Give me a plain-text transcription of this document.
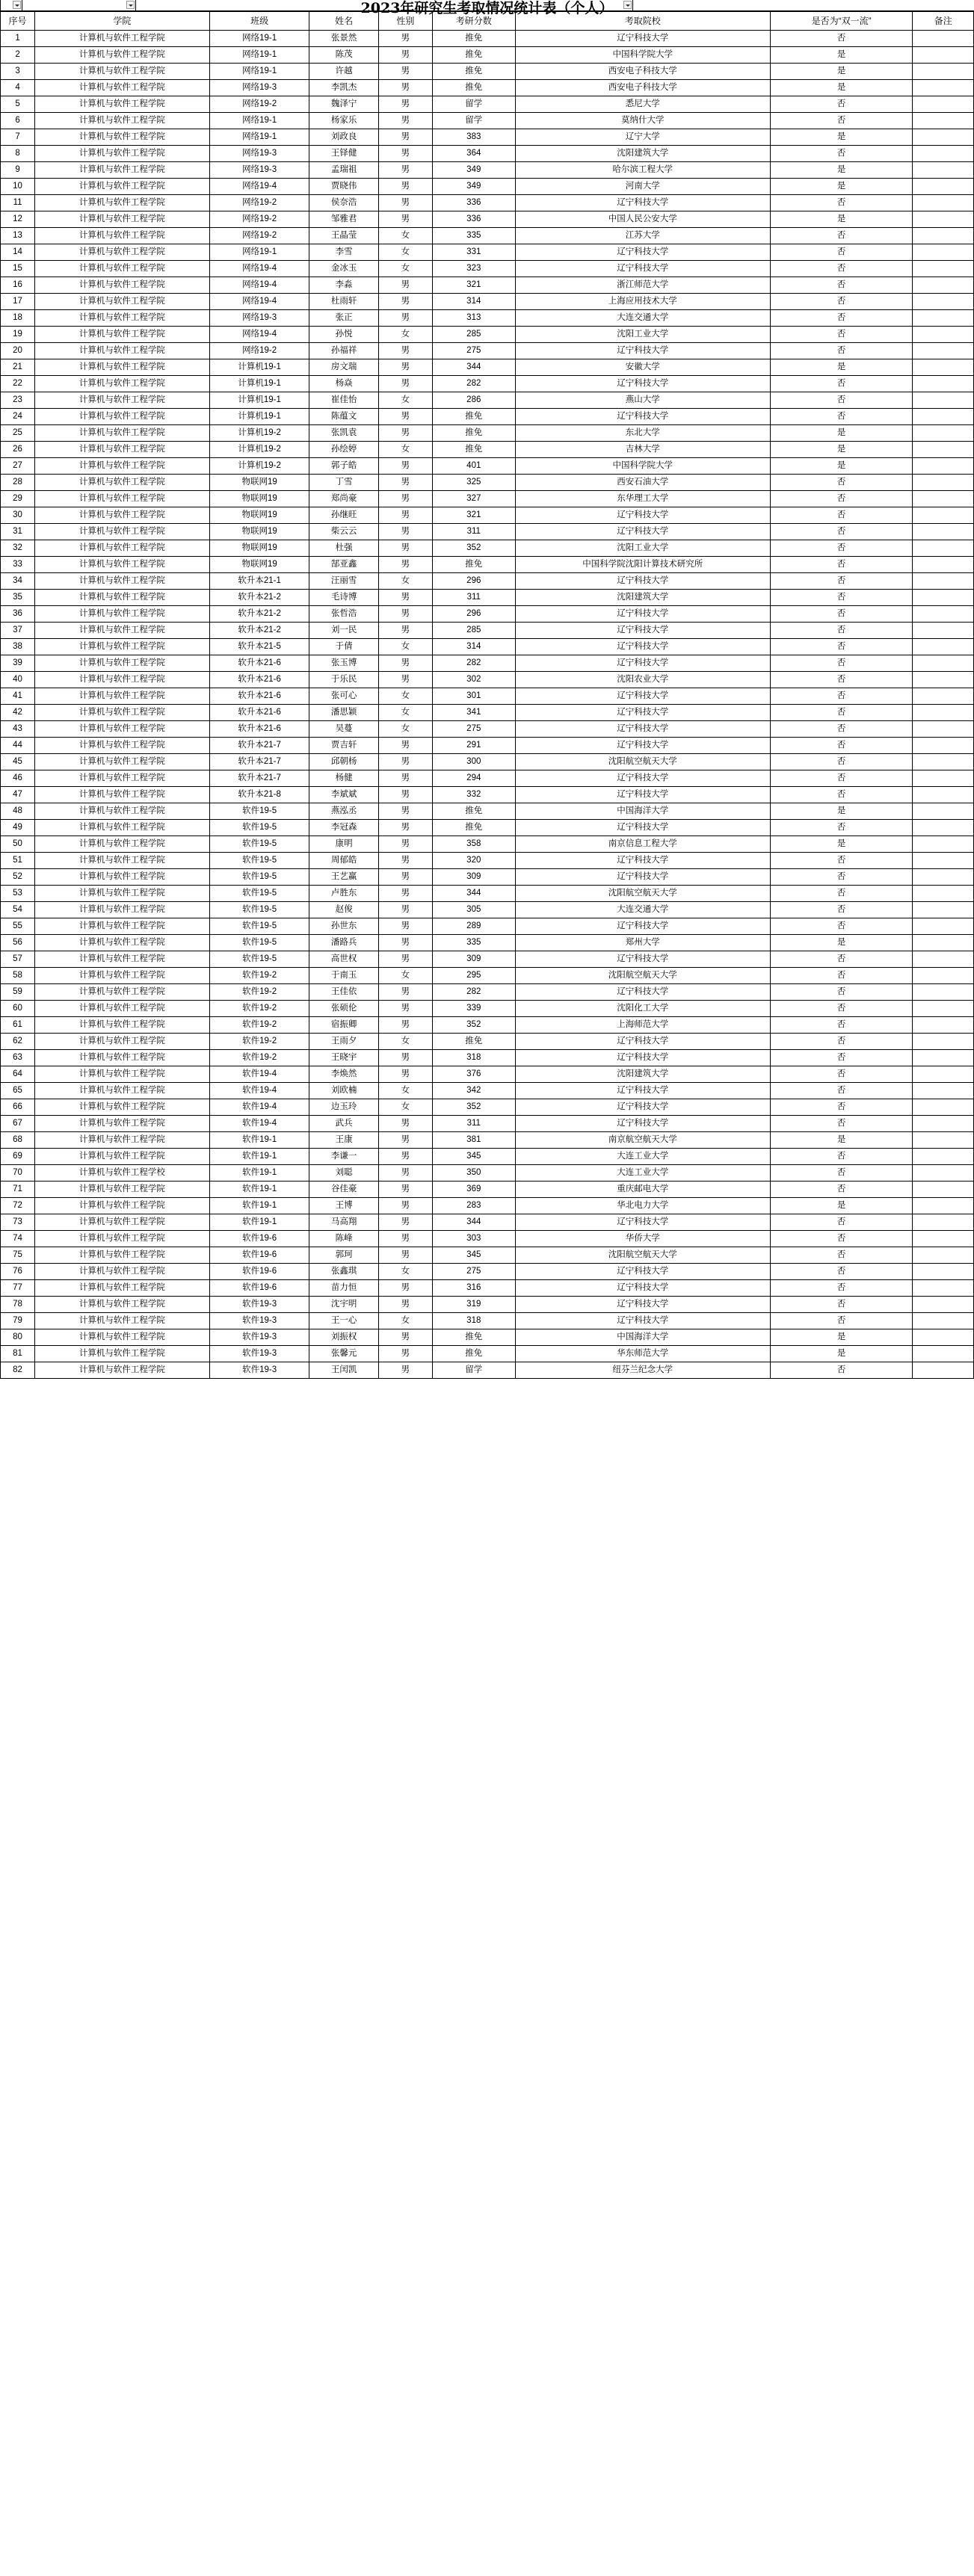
2023年研究生考取情况统计表（个人）
序号	学院	班级	姓名	性别	考研分数	考取院校	是否为“双一流”	备注
1	计算机与软件工程学院	网络19-1	张景然	男	推免	辽宁科技大学	否	
2	计算机与软件工程学院	网络19-1	陈茂	男	推免	中国科学院大学	是	
3	计算机与软件工程学院	网络19-1	许越	男	推免	西安电子科技大学	是	
4	计算机与软件工程学院	网络19-3	李凯杰	男	推免	西安电子科技大学	是	
5	计算机与软件工程学院	网络19-2	魏泽宁	男	留学	悉尼大学	否	
6	计算机与软件工程学院	网络19-1	杨家乐	男	留学	莫纳什大学	否	
7	计算机与软件工程学院	网络19-1	刘政良	男	383	辽宁大学	是	
8	计算机与软件工程学院	网络19-3	王铎健	男	364	沈阳建筑大学	否	
9	计算机与软件工程学院	网络19-3	孟瑞祖	男	349	哈尔滨工程大学	是	
10	计算机与软件工程学院	网络19-4	贾晓伟	男	349	河南大学	是	
11	计算机与软件工程学院	网络19-2	侯奈浩	男	336	辽宁科技大学	否	
12	计算机与软件工程学院	网络19-2	邹雅君	男	336	中国人民公安大学	是	
13	计算机与软件工程学院	网络19-2	王晶莹	女	335	江苏大学	否	
14	计算机与软件工程学院	网络19-1	李雪	女	331	辽宁科技大学	否	
15	计算机与软件工程学院	网络19-4	金冰玉	女	323	辽宁科技大学	否	
16	计算机与软件工程学院	网络19-4	李淼	男	321	浙江师范大学	否	
17	计算机与软件工程学院	网络19-4	杜雨轩	男	314	上海应用技术大学	否	
18	计算机与软件工程学院	网络19-3	张正	男	313	大连交通大学	否	
19	计算机与软件工程学院	网络19-4	孙悦	女	285	沈阳工业大学	否	
20	计算机与软件工程学院	网络19-2	孙福祥	男	275	辽宁科技大学	否	
21	计算机与软件工程学院	计算机19-1	房文瑞	男	344	安徽大学	是	
22	计算机与软件工程学院	计算机19-1	杨焱	男	282	辽宁科技大学	否	
23	计算机与软件工程学院	计算机19-1	崔佳怡	女	286	燕山大学	否	
24	计算机与软件工程学院	计算机19-1	陈蕴文	男	推免	辽宁科技大学	否	
25	计算机与软件工程学院	计算机19-2	张凯袁	男	推免	东北大学	是	
26	计算机与软件工程学院	计算机19-2	孙绘婷	女	推免	吉林大学	是	
27	计算机与软件工程学院	计算机19-2	郭子皓	男	401	中国科学院大学	是	
28	计算机与软件工程学院	物联网19	丁雪	男	325	西安石油大学	否	
29	计算机与软件工程学院	物联网19	郑尚豪	男	327	东华理工大学	否	
30	计算机与软件工程学院	物联网19	孙继旺	男	321	辽宁科技大学	否	
31	计算机与软件工程学院	物联网19	柴云云	男	311	辽宁科技大学	否	
32	计算机与软件工程学院	物联网19	杜强	男	352	沈阳工业大学	否	
33	计算机与软件工程学院	物联网19	郜亚鑫	男	推免	中国科学院沈阳计算技术研究所	否	
34	计算机与软件工程学院	软升本21-1	汪丽雪	女	296	辽宁科技大学	否	
35	计算机与软件工程学院	软升本21-2	毛诗博	男	311	沈阳建筑大学	否	
36	计算机与软件工程学院	软升本21-2	张哲浩	男	296	辽宁科技大学	否	
37	计算机与软件工程学院	软升本21-2	刘一民	男	285	辽宁科技大学	否	
38	计算机与软件工程学院	软升本21-5	于倩	女	314	辽宁科技大学	否	
39	计算机与软件工程学院	软升本21-6	张玉博	男	282	辽宁科技大学	否	
40	计算机与软件工程学院	软升本21-6	于乐民	男	302	沈阳农业大学	否	
41	计算机与软件工程学院	软升本21-6	张可心	女	301	辽宁科技大学	否	
42	计算机与软件工程学院	软升本21-6	潘思颖	女	341	辽宁科技大学	否	
43	计算机与软件工程学院	软升本21-6	吴蔓	女	275	辽宁科技大学	否	
44	计算机与软件工程学院	软升本21-7	贾吉轩	男	291	辽宁科技大学	否	
45	计算机与软件工程学院	软升本21-7	邱朝杨	男	300	沈阳航空航天大学	否	
46	计算机与软件工程学院	软升本21-7	杨健	男	294	辽宁科技大学	否	
47	计算机与软件工程学院	软升本21-8	李斌斌	男	332	辽宁科技大学	否	
48	计算机与软件工程学院	软件19-5	燕泓丞	男	推免	中国海洋大学	是	
49	计算机与软件工程学院	软件19-5	李冠森	男	推免	辽宁科技大学	否	
50	计算机与软件工程学院	软件19-5	康明	男	358	南京信息工程大学	是	
51	计算机与软件工程学院	软件19-5	周郁皓	男	320	辽宁科技大学	否	
52	计算机与软件工程学院	软件19-5	王艺赢	男	309	辽宁科技大学	否	
53	计算机与软件工程学院	软件19-5	卢胜东	男	344	沈阳航空航天大学	否	
54	计算机与软件工程学院	软件19-5	赵俊	男	305	大连交通大学	否	
55	计算机与软件工程学院	软件19-5	孙世东	男	289	辽宁科技大学	否	
56	计算机与软件工程学院	软件19-5	潘路兵	男	335	郑州大学	是	
57	计算机与软件工程学院	软件19-5	高世权	男	309	辽宁科技大学	否	
58	计算机与软件工程学院	软件19-2	于南玉	女	295	沈阳航空航天大学	否	
59	计算机与软件工程学院	软件19-2	王佳依	男	282	辽宁科技大学	否	
60	计算机与软件工程学院	软件19-2	张硕伦	男	339	沈阳化工大学	否	
61	计算机与软件工程学院	软件19-2	宿振卿	男	352	上海师范大学	否	
62	计算机与软件工程学院	软件19-2	王雨夕	女	推免	辽宁科技大学	否	
63	计算机与软件工程学院	软件19-2	王晓宇	男	318	辽宁科技大学	否	
64	计算机与软件工程学院	软件19-4	李焕然	男	376	沈阳建筑大学	否	
65	计算机与软件工程学院	软件19-4	刘欧楠	女	342	辽宁科技大学	否	
66	计算机与软件工程学院	软件19-4	边玉玲	女	352	辽宁科技大学	否	
67	计算机与软件工程学院	软件19-4	武兵	男	311	辽宁科技大学	否	
68	计算机与软件工程学院	软件19-1	王康	男	381	南京航空航天大学	是	
69	计算机与软件工程学院	软件19-1	李谦一	男	345	大连工业大学	否	
70	计算机与软件工程学校	软件19-1	刘聪	男	350	大连工业大学	否	
71	计算机与软件工程学院	软件19-1	谷佳豪	男	369	重庆邮电大学	否	
72	计算机与软件工程学院	软件19-1	王博	男	283	华北电力大学	是	
73	计算机与软件工程学院	软件19-1	马高翔	男	344	辽宁科技大学	否	
74	计算机与软件工程学院	软件19-6	陈峰	男	303	华侨大学	否	
75	计算机与软件工程学院	软件19-6	郭珂	男	345	沈阳航空航天大学	否	
76	计算机与软件工程学院	软件19-6	张鑫琪	女	275	辽宁科技大学	否	
77	计算机与软件工程学院	软件19-6	苗力恒	男	316	辽宁科技大学	否	
78	计算机与软件工程学院	软件19-3	沈宇明	男	319	辽宁科技大学	否	
79	计算机与软件工程学院	软件19-3	王一心	女	318	辽宁科技大学	否	
80	计算机与软件工程学院	软件19-3	刘振权	男	推免	中国海洋大学	是	
81	计算机与软件工程学院	软件19-3	张馨元	男	推免	华东师范大学	是	
82	计算机与软件工程学院	软件19-3	王闰凯	男	留学	纽芬兰纪念大学	否	
